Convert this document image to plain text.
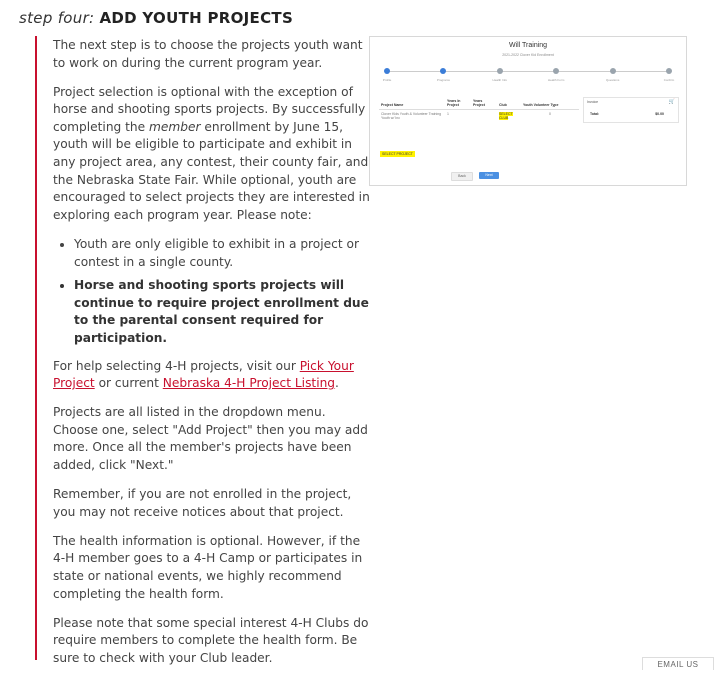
step four: ADD YOUTH PROJECTS

The next step is to choose the projects youth want to work on during the current program year.

Project selection is optional with the exception of horse and shooting sports projects. By successfully completing the member enrollment by June 15, youth will be eligible to participate and exhibit in any project area, any contest, their county fair, and the Nebraska State Fair. While optional, youth are encouraged to select projects they are interested in exploring each program year. Please note:

• Youth are only eligible to exhibit in a project or contest in a single county.
• Horse and shooting sports projects will continue to require project enrollment due to the parental consent required for participation.

For help selecting 4-H projects, visit our Pick Your Project or current Nebraska 4-H Project Listing.

Projects are all listed in the dropdown menu. Choose one, select "Add Project" then you may add more. Once all the member's projects have been added, click "Next."

Remember, if you are not enrolled in the project, you may not receive notices about that project.

The health information is optional. However, if the 4-H member goes to a 4-H Camp or participates in state or national events, we highly recommend completing the health form.

Please note that some special interest 4-H Clubs do require members to complete the health form. Be sure to check with your Club leader.

Will Training
2021-2022 Clover Kid Enrollment
Profile	Programs	Health Info	Health Form	Questions	Confirm
Project Name	Years In Project	Years Project	Club	Youth Volunteer Type
Clover Kids Youth & Volunteer Training Youth w/ Inc	1		SELECT CLUB	0
Invoice	🛒
Total:	$0.00
SELECT PROJECT
Back	Next
EMAIL US
